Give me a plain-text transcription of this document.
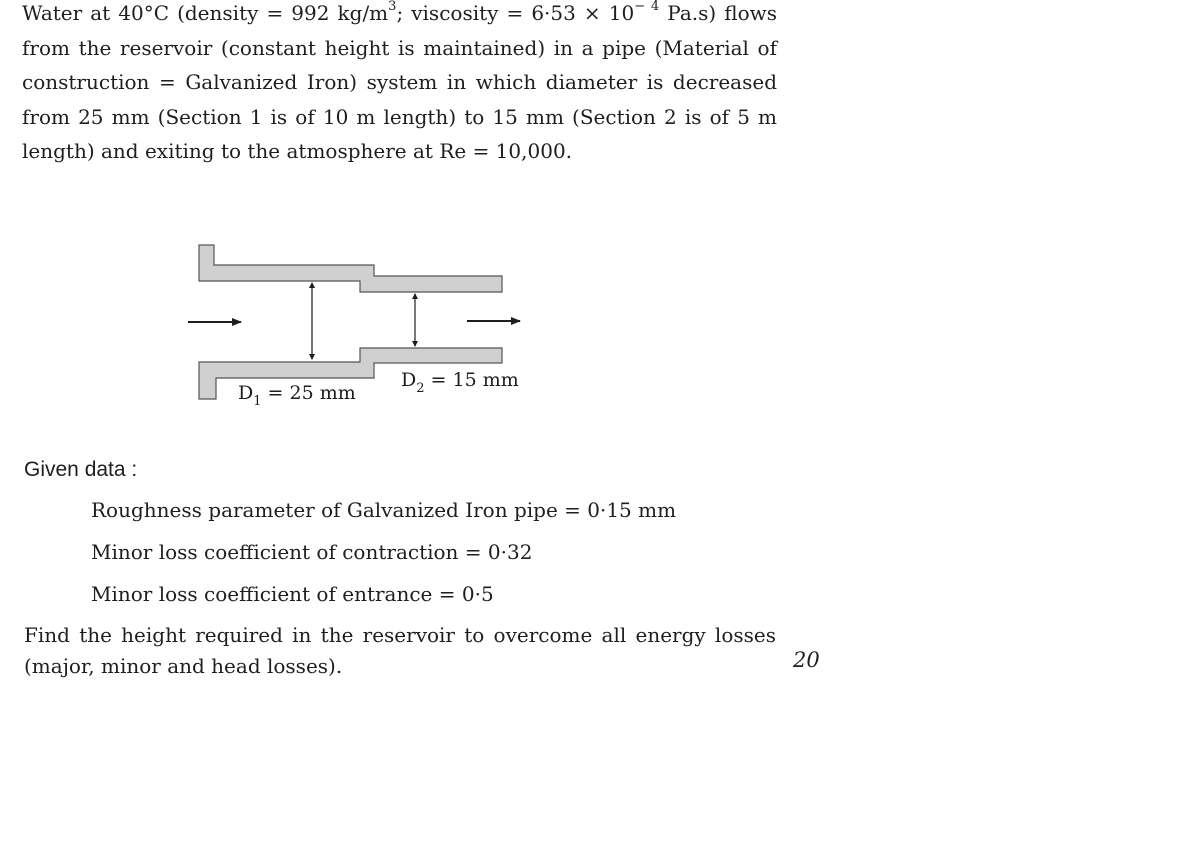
Water at 40°C (density = 992 $kg/m^3$; viscosity = $6\cdot 53 \times 10^{- 4}$ Pa.s) flows from the reservoir (constant height is maintained) in a pipe (Material of construction = Galvanized Iron) system in which diameter is decreased from 25 mm (Section 1 is of 10 m length) to 15 mm (Section 2 is of 5 m length) and exiting to the atmosphere at Re = 10,000.
$D_1 = 25$ mm
$D_2 = 15$ mm
Given data :
Roughness parameter of Galvanized Iron pipe = 0·15 mm
Minor loss coefficient of contraction = 0·32
Minor loss coefficient of entrance = 0·5
Find the height required in the reservoir to overcome all energy losses (major, minor and head losses).	20
